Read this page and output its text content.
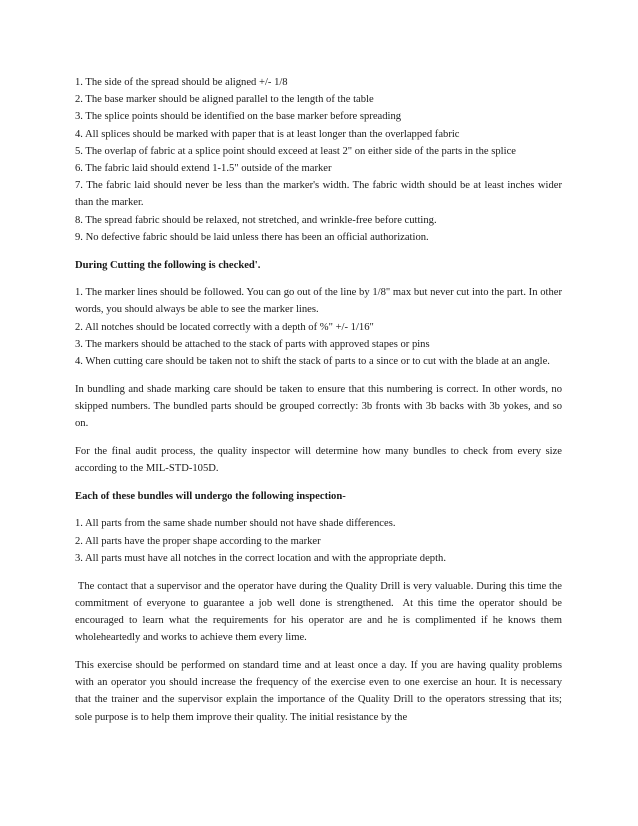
1. The side of the spread should be aligned +/- 1/8

2. The base marker should be aligned parallel to the length of the table

3. The splice points should be identified on the base marker before spreading

4. All splices should be marked with paper that is at least longer than the overlapped fabric

5. The overlap of fabric at a splice point should exceed at least 2" on either side of the parts in the splice

6. The fabric laid should extend 1-1.5" outside of the marker

7. The fabric laid should never be less than the marker's width. The fabric width should be at least inches wider than the marker.

8. The spread fabric should be relaxed, not stretched, and wrinkle-free before cutting.

9. No defective fabric should be laid unless there has been an official authorization.

During Cutting the following is checked'.

1. The marker lines should be followed. You can go out of the line by 1/8" max but never cut into the part. In other words, you should always be able to see the marker lines.

2. All notches should be located correctly with a depth of %" +/- 1/16"

3. The markers should be attached to the stack of parts with approved stapes or pins

4. When cutting care should be taken not to shift the stack of parts to a since or to cut with the blade at an angle.

In bundling and shade marking care should be taken to ensure that this numbering is correct. In other words, no skipped numbers. The bundled parts should be grouped correctly: 3b fronts with 3b backs with 3b yokes, and so on.

For the final audit process, the quality inspector will determine how many bundles to check from every size according to the MIL-STD-105D.

Each of these bundles will undergo the following inspection-

1. All parts from the same shade number should not have shade differences.

2. All parts have the proper shape according to the marker

3. All parts must have all notches in the correct location and with the appropriate depth.

The contact that a supervisor and the operator have during the Quality Drill is very valuable. During this time the commitment of everyone to guarantee a job well done is strengthened.  At this time the operator should be encouraged to learn what the requirements for his operator are and he is complimented if he knows them wholeheartedly and works to achieve them every lime.

This exercise should be performed on standard time and at least once a day. If you are having quality problems with an operator you should increase the frequency of the exercise even to one exercise an hour. It is necessary that the trainer and the supervisor explain the importance of the Quality Drill to the operators stressing that its; sole purpose is to help them improve their quality. The initial resistance by the
